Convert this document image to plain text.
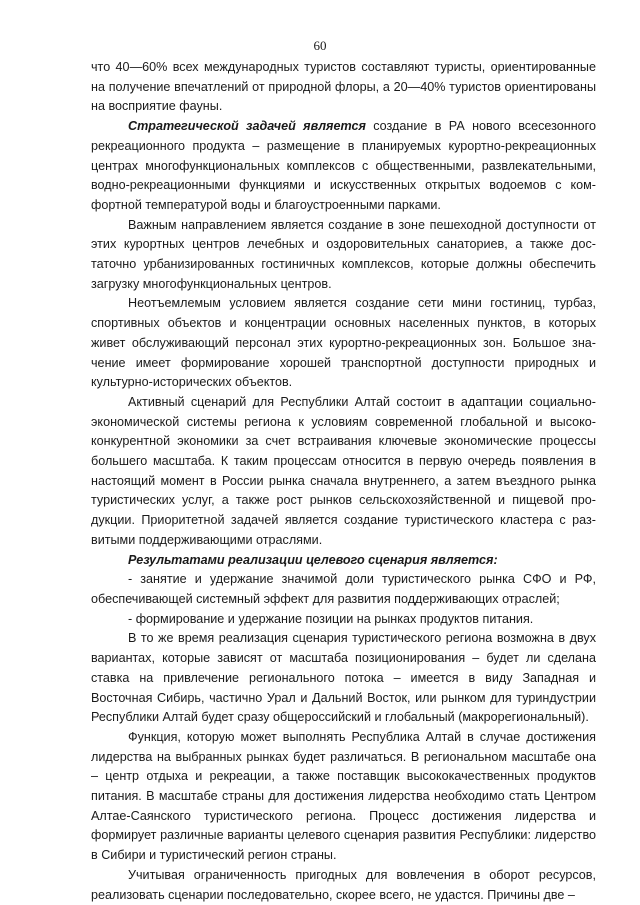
60

что 40—60% всех международных туристов составляют туристы, ориентированные на получение впечатлений от природной флоры, а 20—40% туристов ориентированы на восприятие фауны.

Стратегической задачей является создание в РА нового всесезонного рекреационного продукта – размещение в планируемых курортно-рекреационных центрах многофункциональных комплексов с общественными, развлекательными, водно-рекреационными функциями и искусственных открытых водоемов с комфортной температурой воды и благоустроенными парками.

Важным направлением является создание в зоне пешеходной доступности от этих курортных центров лечебных и оздоровительных санаториев, а также достаточно урбанизированных гостиничных комплексов, которые должны обеспечить загрузку многофункциональных центров.

Неотъемлемым условием является создание сети мини гостиниц, турбаз, спортивных объектов и концентрации основных населенных пунктов, в которых живет обслуживающий персонал этих курортно-рекреационных зон. Большое значение имеет формирование хорошей транспортной доступности природных и культурно-исторических объектов.

Активный сценарий для Республики Алтай состоит в адаптации социально-экономической системы региона к условиям современной глобальной и высококонкурентной экономики за счет встраивания ключевые экономические процессы большего масштаба. К таким процессам относится в первую очередь появления в настоящий момент в России рынка сначала внутреннего, а затем въездного рынка туристических услуг, а также рост рынков сельскохозяйственной и пищевой продукции. Приоритетной задачей является создание туристического кластера с развитыми поддерживающими отраслями.

Результатами реализации целевого сценария является:

- занятие и удержание значимой доли туристического рынка СФО и РФ, обеспечивающей системный эффект для развития поддерживающих отраслей;

- формирование и удержание позиции на рынках продуктов питания.

В то же время реализация сценария туристического региона возможна в двух вариантах, которые зависят от масштаба позиционирования – будет ли сделана ставка на привлечение регионального потока – имеется в виду Западная и Восточная Сибирь, частично Урал и Дальний Восток, или рынком для туриндустрии Республики Алтай будет сразу общероссийский и глобальный (макрорегиональный).

Функция, которую может выполнять Республика Алтай в случае достижения лидерства на выбранных рынках будет различаться. В региональном масштабе она – центр отдыха и рекреации, а также поставщик высококачественных продуктов питания. В масштабе страны для достижения лидерства необходимо стать Центром Алтае-Саянского туристического региона. Процесс достижения лидерства и формирует различные варианты целевого сценария развития Республики: лидерство в Сибири и туристический регион страны.

Учитывая ограниченность пригодных для вовлечения в оборот ресурсов, реализовать сценарии последовательно, скорее всего, не удастся. Причины две –
